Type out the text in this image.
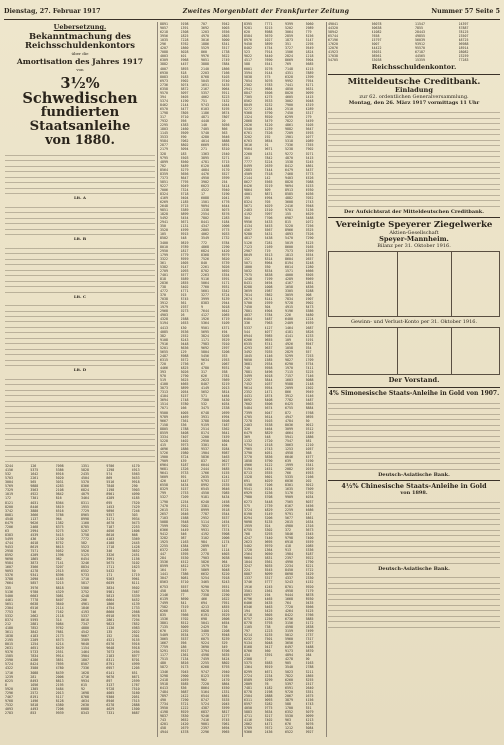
Dienstag, 27. Februar 1917	Zweites Morgenblatt der Frankfurter Zeitung	Nummer 57 Seite 5
Uebersetzung.
Bekanntmachung des Reichsschuldenkontors
über die
Amortisation des Jahres 1917
von
3½% Schwedischen
fundierten Staatsanleihe
von 1880.
Lit. A
Lit. B
Lit. C
Lit. D
3244	126	7098	1351	9706	4170
4156	5375	5386	5828	1298	4913
532	1642	6916	2435	574	5563
5703	2261	5020	4504	869	9453
3004	565	3031	5370	5516	9918
5769	9888	4283	8366	7848	290
7329	3563	2108	6824	1198	3903
1019	4922	9842	4079	8901	4090
172	7301	816	3464	4289	4185
8121	4031	8364	8311	695	7520
8200	8446	5819	1955	1453	7429
3742	3880	6516	7729	9896	7246
8081	3666	3786	8965	9357	303
4548	1137	964	8998	3171	9934
6479	9626	1382	1160	4670	9473
7206	2468	8375	8785	7187	2253
63	2994	5275	5207	4056	1606
8383	4539	5415	3758	8610	868
5499	436	2130	7772	4183	3369
4744	4018	8752	582	4108	2445
9453	8619	8615	5523	1718	1428
2958	7571	5052	5926	346	3652
8592	4209	1396	5125	3326	2451
9690	1865	982	6454	3991	1156
9584	3873	7141	3246	5675	3102
1607	3566	3207	8834	1711	1623
9093	4278	2515	6552	5432	50
5376	9341	8396	9733	171	1719
3788	2090	4185	1710	9263	9961
7664	5857	3215	5817	6039	8111
335	3976	8818	5386	3834	9502
5136	9780	4329	3752	5981	7467
5400	6603	3081	4248	5813	5339
4461	7778	8407	206	6664	6452
5651	6638	3640	4961	1866	4139
2304	6516	2114	1846	4754	1733
7753	746	7162	4193	8660	2568
5332	2662	2118	5337	6918	9978
8374	5595	314	8610	2861	7294
212	2881	5084	7347	9823	7852
4180	7852	9762	4880	1136	4983
3611	3842	7681	4542	135	2022
1838	4183	2173	9667	152	2301
2195	2209	6573	3589	4521	9155
8015	1254	4214	9640	6576	5916
2631	4651	8429	1154	9648	5918
9376	5733	2551	1464	7073	2494
1585	7834	9914	3904	2183	8977
2590	4286	3851	1807	8311	8701
5724	8424	7695	8507	8791	4999
4322	3580	4780	7336	6957	1205
1716	3088	8439	1628	6141	651
1239	281	2006	4716	9676	6671
6225	8493	8813	9934	897	2599
8	1056	2195	615	3137	1767
5920	1305	5484	92	9728	7510
7296	2572	2013	1698	4005	3160
7467	8191	5117	8768	9300	2051
9768	1496	8128	4634	8946	7515
7532	5818	4380	2630	6278	2888
4093	4493	7206	6088	4629	1500
2783	853	9939	8343	7331	6687
8891	9198	707	3942
9057	1391	3692	5003
6218	2308	1203	9356
3956	1825	4970	2803
1035	7228	3016	3000
296	8762	1886	8341
4207	1860	5529	3517
7088	6028	860	1738
4003	401	9976	3622
6309	5968	9051	2749
3882	4457	3888	7884
4007	3893	2140	1866
6930	818	2203	7166
8083	9183	8768	8103
6973	5902	5045	9740
2736	3074	1651	3435
6358	6872	2167	9064
9570	3097	5357	3911
394	9405	4062	8223
5374	4190	751	7432
8462	2144	9743	1044
6570	6477	6103	8195
1798	7805	1186	9874
317	9710	4871	7807
7932	956	4440	20
2295	4383	140	3056
1803	2460	7405	866
1145	9509	5740	363
3533	590	4280	3646
9584	7062	4014	6888
2877	8802	6669	5891
2179	3094	271	8310
328	183	1363	2540
9795	5503	3895	3271
4899	8560	4781	3715
702	8489	6120	4488
8564	6279	4084	9170
8359	3656	4476	6527
7373	8647	4950	9399
5851	7795	3902	254
9227	5049	6023	3414
7006	7324	4522	3940
8324	6718	17	3190
4169	9404	6088	1041
6269	1185	1501	4776
2648	9715	9094	4644
9851	3389	1338	6075
1828	6899	2554	8576
5492	3454	7802	1283
2941	3671	8441	5184
350	1131	4347	2006
3520	4599	2805	9775
105	6915	4062	5033
8502	548	3549	1732
3400	9819	772	6784
8010	9789	4868	2290
2950	1817	6824	4420
1799	5779	8368	8979
3322	8959	7526	3620
361	1605	840	6739
5382	9147	2261	3026
2709	1093	8702	5692
7401	6577	2263	5354
818	6589	9116	5591
2836	2855	5064	5171
738	3402	7760	6931
4772	4771	5601	3342
370	915	3277	8724
7038	8745	3999	8139
3912	361	8383	2944
1979	1937	9	3018
2968	9273	7644	5642
4903	26	4127	1065
4328	2588	1926	4719
5194	1653	5364	6109
4413	430	9501	4371
4085	9536	5695	494
382	2552	3824	6205
9108	8243	1171	9529
7916	9448	7983	7010
5201	8636	9692	2597
5655	129	5804	3206
2487	8988	5456	933
6315	6572	9634	1953
720	2756	67	2067
4466	4825	4780	8931
393	3026	317	938
970	2790	626	2781
519	3625	2623	7669
4100	4665	8407	6219
3073	6899	4149	2013
7313	2054	5652	3814
4104	8157	571	4464
3694	1748	7300	6430
1514	6780	532	4034
7071	166	3475	2338
9500	4005	6748	2699
9789	4469	3931	4994
9667	7361	3788	6508
7158	336	9159	7487
8805	1788	2514	3362
8559	6408	8174	3641
3334	7407	1200	7459
5228	5402	2950	5804
415	3973	3301	404
4696	1886	9537	9284
5726	1980	1904	8987
1900	6724	5836	3463
7909	439	837	9627
6964	8187	6044	9577
9681	1326	2444	9485
9641	9733	1766	5155
5609	691	2035	4241
426	4447	9793	5137
6558	6434	8992	2535
8329	6157	6545	9646
799	2753	4550	7085
5327	7209	9181	8434
1790	1254	6240	2458
7470	2911	3381	1996
2615	8725	8999	9518
2657	2646	7787	9344
7103	1588	2952	6537
5088	7648	5114	2454
7599	7002	7852	6971
6366	5449	9931	7374
9412	646	4192	3908
3282	987	3102	2006
1925	1163	984	1174
2255	4384	2899	547
6372	1268	205	1114
447	5395	2778	4603
284	5530	7903	9038
3536	4512	5826	964
8599	4812	1979	4329
164	749	5869	6048
1441	7386	6632	8220
3047	6081	5254	7018
8563	6710	3465	8243
6753	6557	9290	9551
458	5868	9270	9336
2146	77	7358	2290
6139	8690	466	1622
7499	841	694	7951
7582	7519	4213	4855
6266	453	6828	1101
835	7666	6191	9529
1536	5702	698	2606
3801	8512	5041	4654
7135	3009	2429	736
676	1292	3480	2208
5409	9534	1773	8948
3065	3537	6075	8239
1667	956	9224	329
7759	186	3690	649
5291	5917	3794	8706
1177	1361	4598	3635
7515	7134	7459	6424
480	6816	2255	8802
5872	9173	6268	8793
1346	7045	9747	2940
5298	2900	8123	5195
2418	1059	902	2470
5918	6585	7220	6864
6413	836	8064	4550
7484	3687	5164	1331
7897	2422	6544	4861
490	7290	8747	3535
7734	3721	5724	2045
3950	1222	4387	3599
4198	8929	6837	8817
9837	7830	9246	1277
743	9652	7416	9745
4201	2420	9001	7061
458	2679	2397	5694
4944	4378	2296	9965
8395	7771	9399	3060
9281	8215	5202	2989
620	8988	3064	779
8584	3670	2859	8156
8976	1027	1873	3147
9450	3899	351	2295
8402	4754	3727	9549
523	7914	1506	1824
9022	8440	2824	1218
4517	7690	8669	3904
588	5541	769	5685
6001	9276	7148	4215
3594	9144	4351	7889
5838	575	6328	1399
7054	3076	9992	7954
2302	5783	7441	8171
2941	9684	4850	5631
8847	6506	8020	9099
7305	4275	4605	1415
8562	9533	3002	5048
8049	6232	7900	4319
5272	1284	2510	4289
9368	6790	7450	6317
1324	8920	6299	279
2868	3479	7822	3459
2026	8120	4861	6105
5340	1239	9882	3647
6761	7526	7209	5593
3202	192	1901	1077
6763	9854	5318	1089
3616	91	7336	7355
9564	9671	5238	7902
2260	1431	9272	9271
101	7842	4870	5415
7777	3224	1538	3245
8499	2639	8412	4861
2883	7444	6479	6437
4509	7518	7468	3773
2144	142	9403	4526
8627	5565	8828	7088
6426	9219	9694	6153
9864	609	8913	4930
4001	8871	8585	4036
195	4994	4882	7052
8324	705	3608	2743
5671	4029	2416	3948
2483	1510	9701	3136
4192	7097	155	4629
304	7706	6987	3488
9956	5433	815	1072
4134	6453	5220	7256
4567	6567	8966	9325
9280	3431	4893	7526
4817	5438	5470	7290
5126	7281	5019	8125
7123	2169	8600	9165
2907	719	7573	1399
8649	6513	1813	6554
152	8314	8604	2657
5071	8964	8194	6248
1800	930	6014	1280
5032	8534	1571	4666
7975	6838	4000	8505
1248	7199	4289	8969
8431	9494	4167	1861
8288	1008	1658	4836
3659	1987	3305	6288
7014	7862	3059	908
2674	8141	7834	1907
5700	1959	9728	9902
7450	304	4915	8473
7801	4904	9196	6386
4037	3784	226	6480
6404	3487	6400	1224
336	7963	2409	4939
5337	4127	1464	2687
544	4077	4181	5826
6944	3985	4141	4233
6266	9655	109	5191
6535	8741	4926	8947
4293	9637	1058	934
3492	7035	2829	657
1045	4146	5299	7253
9050	1585	9827	1709
3681	2934	6290	5754
740	6958	1970	7411
7881	6496	7115	3225
3499	4018	7157	7146
2287	3844	1603	6088
7452	1037	9588	2148
9614	6954	2099	1502
2352	1471	866	9949
4431	1874	3912	5146
8692	8408	7782	5487
7602	6506	6425	5663
5484	5674	6755	8884
7399	5047	872	5768
4705	5614	4947	9895
7278	9103	4784	30
2403	3538	8036	9012
326	5464	3099	9312
6479	8829	4664	5249
369	548	5941	1886
1132	2720	7547	581
9754	1518	3063	1210
7965	2743	1253	1057
3790	4051	4958	368
3770	3836	6646	4577
1858	6790	639	3190
4966	6122	1999	5341
5194	2451	2082	2019
8713	9355	766	4953
1328	5601	5335	2166
691	4029	6036	202
5198	7106	8301	3012
9541	9154	1635	7509
6929	5236	5176	5792
7980	6708	9909	4034
6273	3448	7565	8037
575	2739	6167	5456
3724	4829	2259	4686
8190	5149	9791	417
8294	3206	5677	5861
9098	8135	2015	1634
1959	924	4980	1316
6755	3302	372	3673
768	3293	5846	1545
4247	7440	9798	7400
2623	9695	6918	5559
5402	6970	418	1085
1720	1364	913	5336
2564	9050	1984	8187
9664	5831	2397	6922
1044	9361	4990	1790
3247	8035	2234	8221
224	6545	8450	5722
8887	8099	8698	3429
1337	3317	4337	2330
3746	5777	5243	4152
1916	4245	8701	6920
3501	1561	4958	7179
6897	194	9444	8878
6796	4465	1668	8930
6406	9435	764	9435
6346	6463	7720	6566
194	5425	4264	6125
6718	3605	8422	5766
8757	1250	6736	3885
8778	3793	3156	5172
1105	738	4598	2838
797	1223	3159	7499
9214	6235	5012	2737
6232	7501	5960	7317
9134	3048	3656	4077
8168	9417	6497	5488
8766	560	9173	5870
434	3391	4894	284
2308	7	4278	90
5375	6583	905	5163
1364	8919	3540	2788
8299	4671	5023	3211
2724	2234	7822	1865
8589	6299	6260	8255
2809	76	5397	1517
7481	4182	6591	2640
8778	2198	9720	3351
2504	2888	2067	1675
6311	9093	3879	4156
8597	3282	588	4743
4050	9775	1700	351
5883	3634	6352	3079
4711	6217	5530	9099
4116	7402	963	4213
2862	4471	676	6076
3789	7672	1212	3084
9366	2436	6522	9927
49041	56078	11547	24397
44320	50638	7855	87887
58942	41082	28443	78125
65744	7658	49855	23507
67196	15797	56039	48725
17620	5007	93912	96988
12076	44422	95570	18914
41923	55031	67187	28082
17038	98561	44565	23259
54705	33038	15359	77283
Reichsschuldenkontor.
Mitteldeutsche Creditbank.
Einladung
zur 62. ordentlichen Generalversammlung.
Montag, den 26. März 1917 vormittags 11 Uhr
Der Aufsichtsrat der Mitteldeutschen Creditbank.
Vereinigte Speyerer Ziegelwerke
Aktien-Gesellschaft
Speyer-Mannheim.
Bilanz per 31. Oktober 1916.
Gewinn- und Verlust-Konto per 31. Oktober 1916.
Der Vorstand.
4% Simonesische Staats-Anleihe in Gold von 1907.
Deutsch-Asiatische Bank.
4½% Chinesische Staats-Anleihe in Gold
von 1898.
Deutsch-Asiatische Bank.
